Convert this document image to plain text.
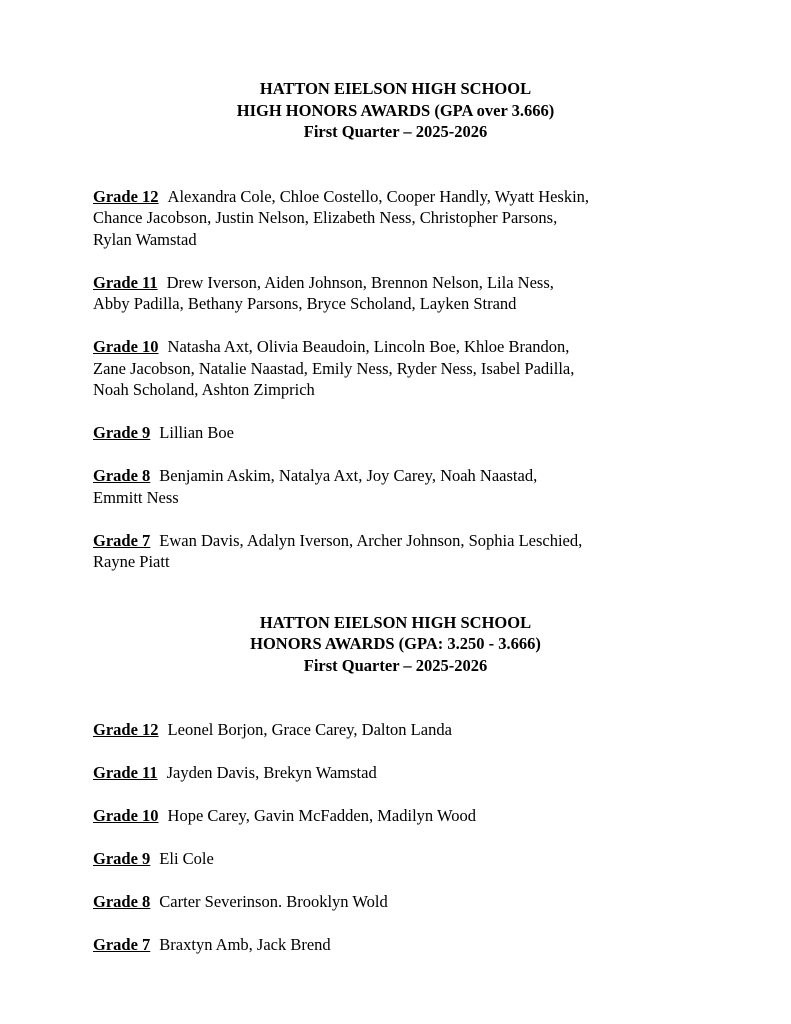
HATTON EIELSON HIGH SCHOOL
HIGH HONORS AWARDS (GPA over 3.666)
First Quarter – 2025-2026
Grade 12 Alexandra Cole, Chloe Costello, Cooper Handly, Wyatt Heskin,
Chance Jacobson, Justin Nelson, Elizabeth Ness, Christopher Parsons,
Rylan Wamstad
Grade 11 Drew Iverson, Aiden Johnson, Brennon Nelson, Lila Ness,
Abby Padilla, Bethany Parsons, Bryce Scholand, Layken Strand
Grade 10 Natasha Axt, Olivia Beaudoin, Lincoln Boe, Khloe Brandon,
Zane Jacobson, Natalie Naastad, Emily Ness, Ryder Ness, Isabel Padilla,
Noah Scholand, Ashton Zimprich
Grade 9 Lillian Boe
Grade 8 Benjamin Askim, Natalya Axt, Joy Carey, Noah Naastad,
Emmitt Ness
Grade 7 Ewan Davis, Adalyn Iverson, Archer Johnson, Sophia Leschied,
Rayne Piatt
HATTON EIELSON HIGH SCHOOL
HONORS AWARDS (GPA: 3.250 - 3.666)
First Quarter – 2025-2026
Grade 12 Leonel Borjon, Grace Carey, Dalton Landa
Grade 11 Jayden Davis, Brekyn Wamstad
Grade 10 Hope Carey, Gavin McFadden, Madilyn Wood
Grade 9 Eli Cole
Grade 8 Carter Severinson. Brooklyn Wold
Grade 7 Braxtyn Amb, Jack Brend
